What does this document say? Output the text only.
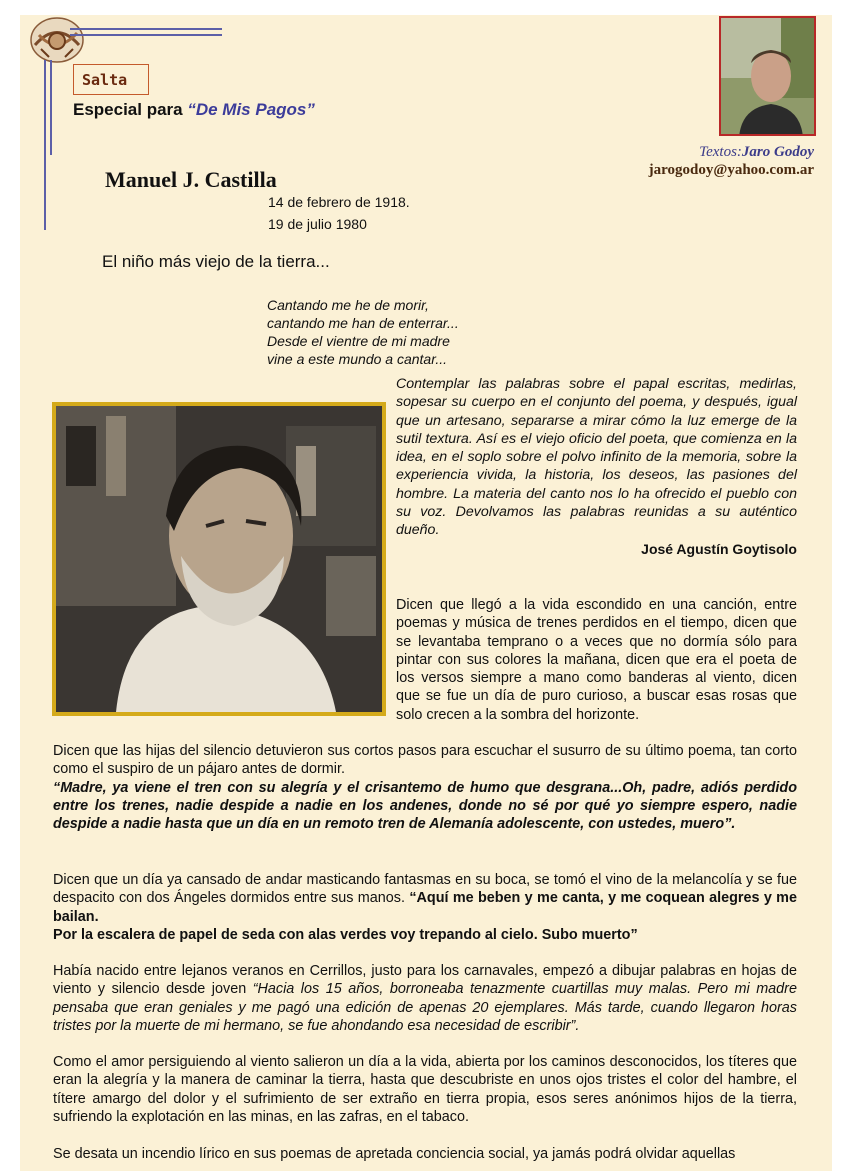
Salta
Especial para “De Mis Pagos”
Textos:Jaro Godoy
jarogodoy@yahoo.com.ar
Manuel J. Castilla
14 de febrero de 1918.
19 de julio 1980
El niño más viejo de la tierra...
Cantando me he de morir,
cantando me han de enterrar...
Desde el vientre de mi madre
vine a este mundo a cantar...
Contemplar las palabras sobre el papal escritas, medirlas, sopesar su cuerpo en el conjunto del poema, y después, igual que un artesano, separarse a mirar cómo la luz emerge de la sutil textura. Así es el viejo oficio del poeta, que comienza en la idea, en el soplo sobre el polvo infinito de la memoria, sobre la experiencia vivida, la historia, los deseos, las pasiones del hombre. La materia del canto nos lo ha ofrecido el pueblo con su voz. Devolvamos las palabras reunidas a su auténtico dueño.
José Agustín Goytisolo
Dicen que llegó a la vida escondido en una canción, entre poemas y música de trenes perdidos en el tiempo, dicen que se levantaba temprano o a veces que no dormía sólo para pintar con sus colores la mañana, dicen que era el poeta de los versos siempre a mano como banderas al viento, dicen que se fue un día de puro curioso, a buscar esas rosas que solo crecen a la sombra del horizonte.
Dicen que las hijas del silencio detuvieron sus cortos pasos para escuchar el susurro de su último poema, tan corto como el suspiro de un pájaro antes de dormir.
“Madre, ya viene el tren con su alegría y el crisantemo de humo que desgrana...Oh, padre, adiós perdido entre los trenes, nadie despide a nadie en los andenes, donde no sé por qué yo siempre espero, nadie despide a nadie hasta que un día en un remoto tren de Alemanía adolescente, con ustedes, muero”.
Dicen que un día ya cansado de andar masticando fantasmas en su boca, se tomó el vino de la melancolía y se fue despacito con dos Ángeles dormidos entre sus manos. “Aquí me beben y me canta, y me coquean alegres y me bailan.
Por la escalera de papel de seda con alas verdes voy trepando al cielo. Subo muerto”
Había nacido entre lejanos veranos en Cerrillos, justo para los carnavales, empezó a dibujar palabras en hojas de viento y silencio desde joven “Hacia los 15 años, borroneaba tenazmente cuartillas muy malas. Pero mi madre pensaba que eran geniales y me pagó una edición de apenas 20 ejemplares. Más tarde, cuando llegaron horas tristes por la muerte de mi hermano, se fue ahondando esa necesidad de escribir”.
Como el amor persiguiendo al viento salieron un día a la vida, abierta por los caminos desconocidos, los títeres que eran la alegría y la manera de caminar la tierra, hasta que descubriste en unos ojos tristes el color del hambre, el títere amargo del dolor y el sufrimiento de ser extraño en tierra propia, esos seres anónimos hijos de la tierra, sufriendo la explotación en las minas, en las zafras, en el tabaco.
Se desata un incendio lírico en sus poemas de apretada conciencia social, ya jamás podrá olvidar aquellas
